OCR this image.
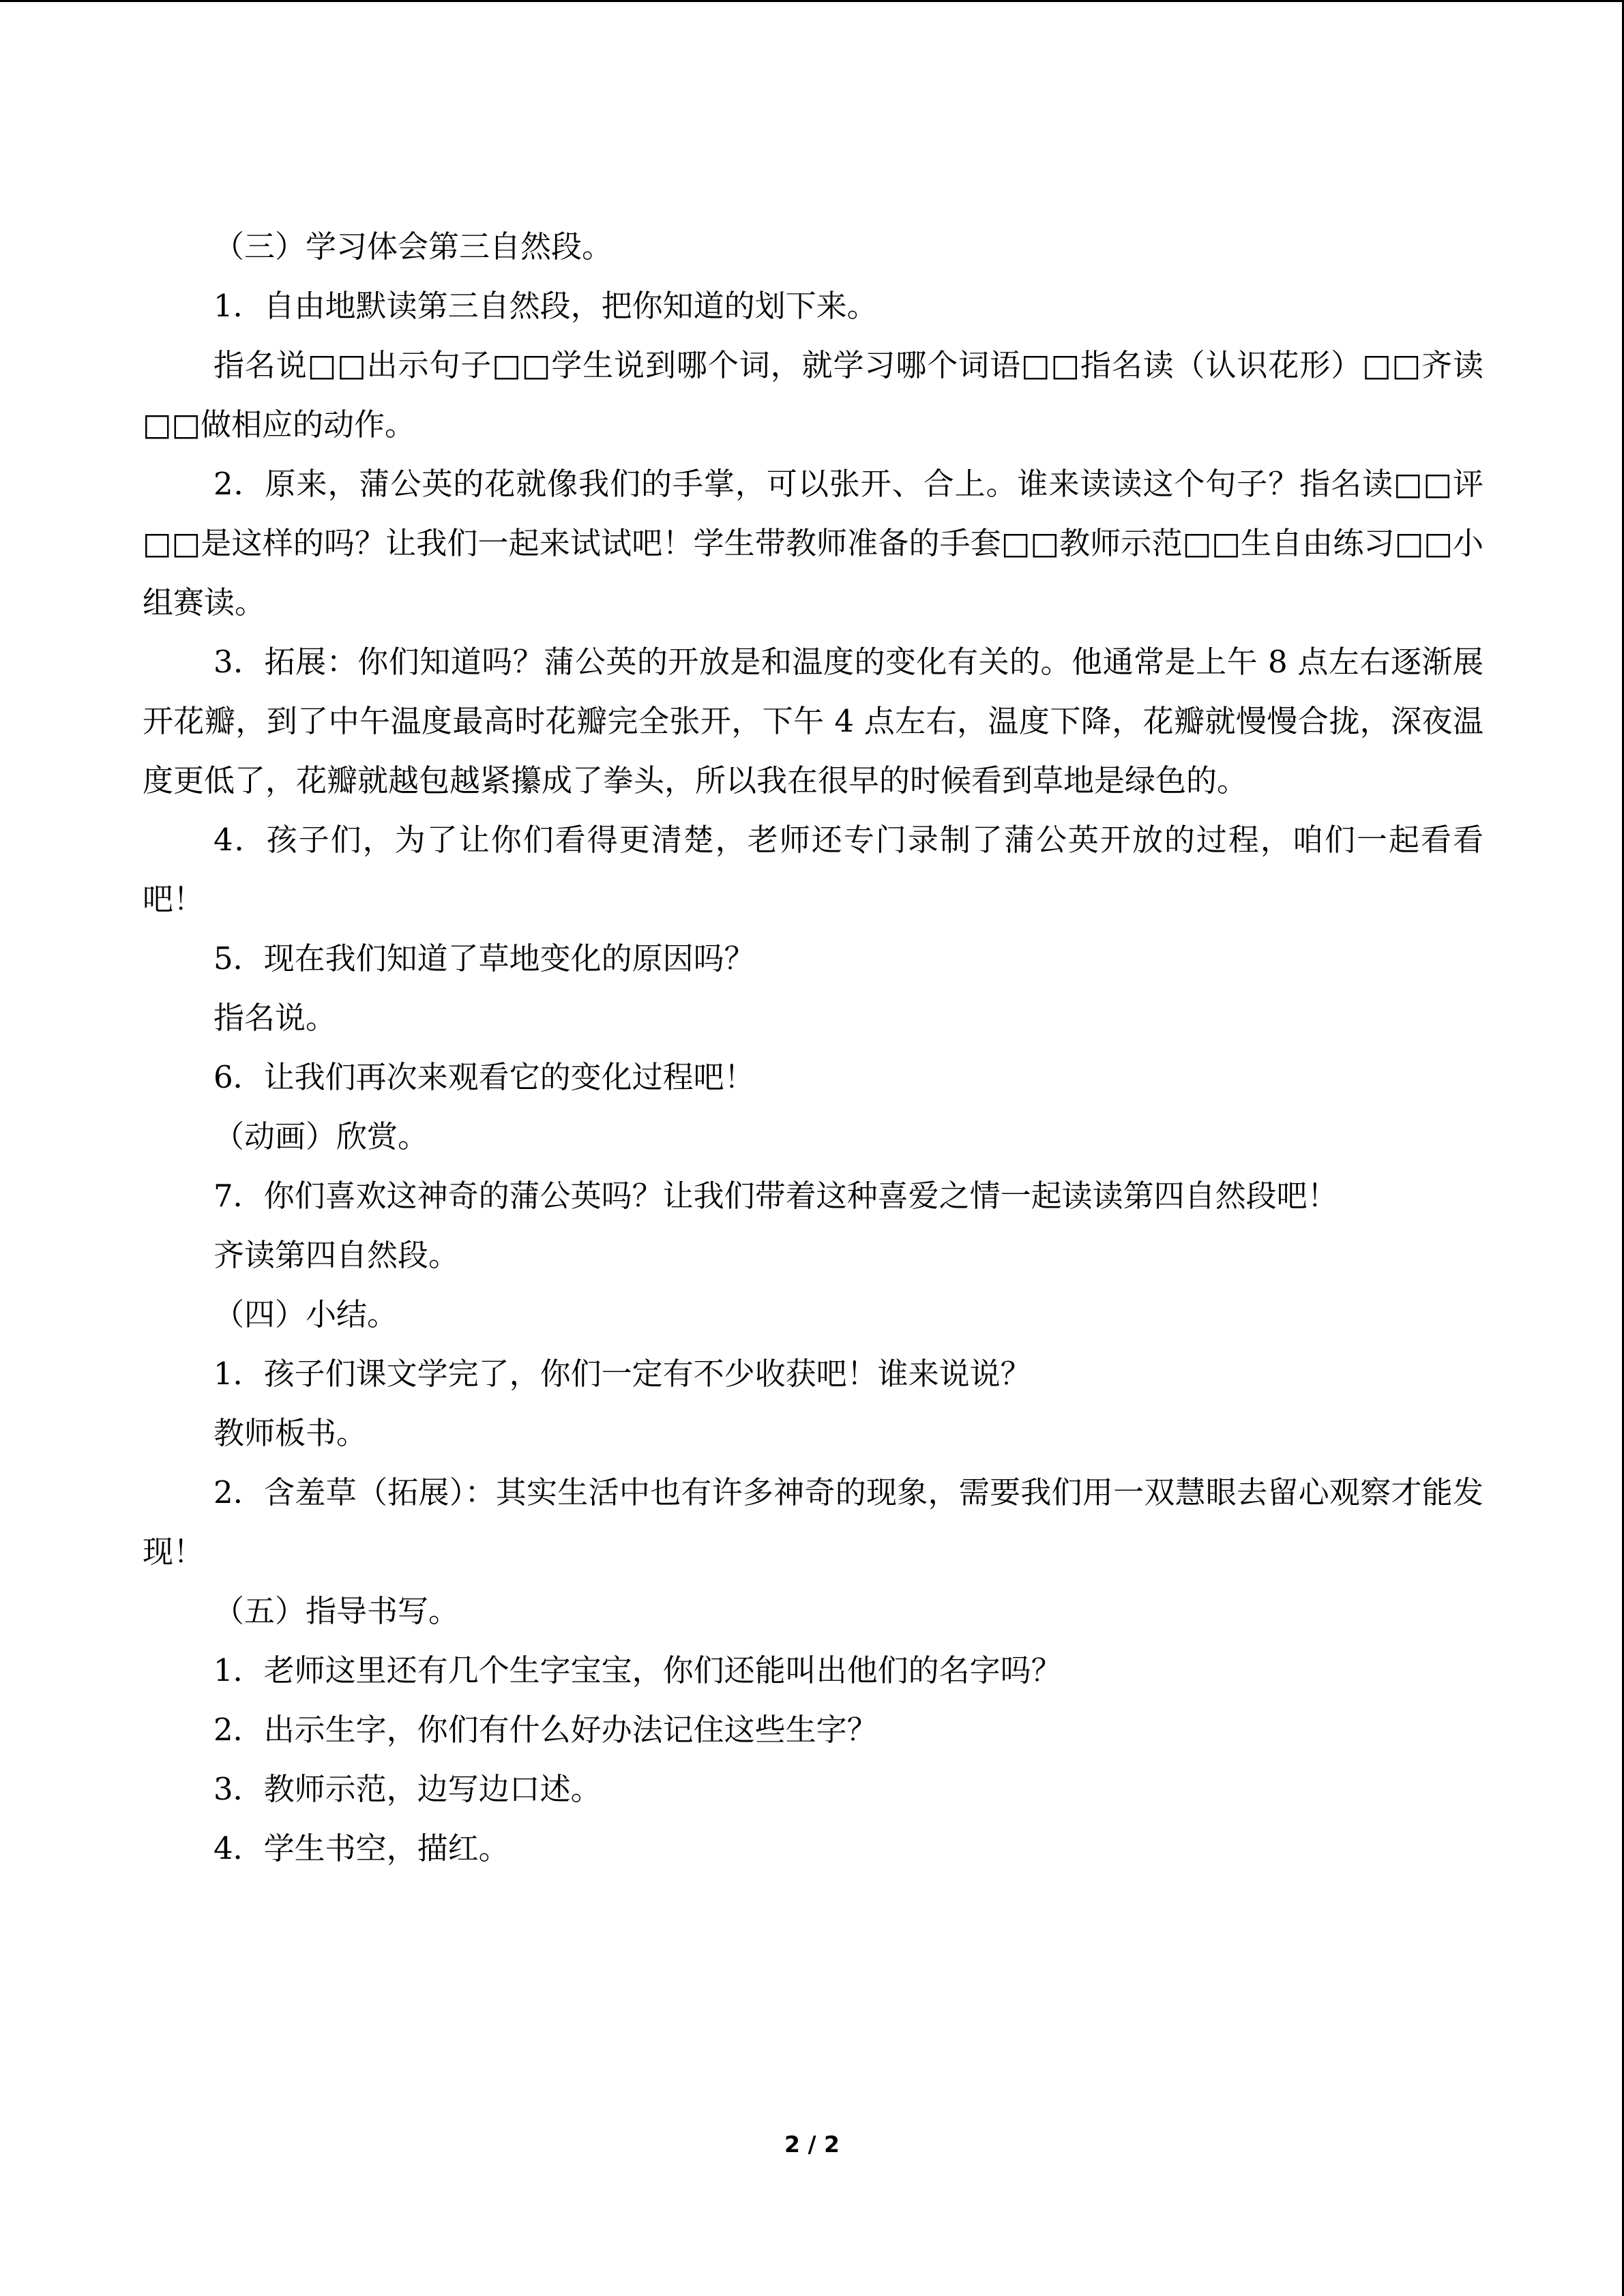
（三）学习体会第三自然段。

1．自由地默读第三自然段，把你知道的划下来。

指名说□□出示句子□□学生说到哪个词，就学习哪个词语□□指名读（认识花形）□□齐读□□做相应的动作。

2．原来，蒲公英的花就像我们的手掌，可以张开、合上。谁来读读这个句子？指名读□□评□□是这样的吗？让我们一起来试试吧！学生带教师准备的手套□□教师示范□□生自由练习□□小组赛读。

3．拓展：你们知道吗？蒲公英的开放是和温度的变化有关的。他通常是上午 8 点左右逐渐展开花瓣，到了中午温度最高时花瓣完全张开，下午 4 点左右，温度下降，花瓣就慢慢合拢，深夜温度更低了，花瓣就越包越紧攥成了拳头，所以我在很早的时候看到草地是绿色的。

4．孩子们，为了让你们看得更清楚，老师还专门录制了蒲公英开放的过程，咱们一起看看吧！

5．现在我们知道了草地变化的原因吗？

指名说。

6．让我们再次来观看它的变化过程吧！

（动画）欣赏。

7．你们喜欢这神奇的蒲公英吗？让我们带着这种喜爱之情一起读读第四自然段吧！

齐读第四自然段。

（四）小结。

1．孩子们课文学完了，你们一定有不少收获吧！谁来说说？

教师板书。

2．含羞草（拓展）：其实生活中也有许多神奇的现象，需要我们用一双慧眼去留心观察才能发现！

（五）指导书写。

1．老师这里还有几个生字宝宝，你们还能叫出他们的名字吗？

2．出示生字，你们有什么好办法记住这些生字？

3．教师示范，边写边口述。

4．学生书空，描红。

2 / 2
